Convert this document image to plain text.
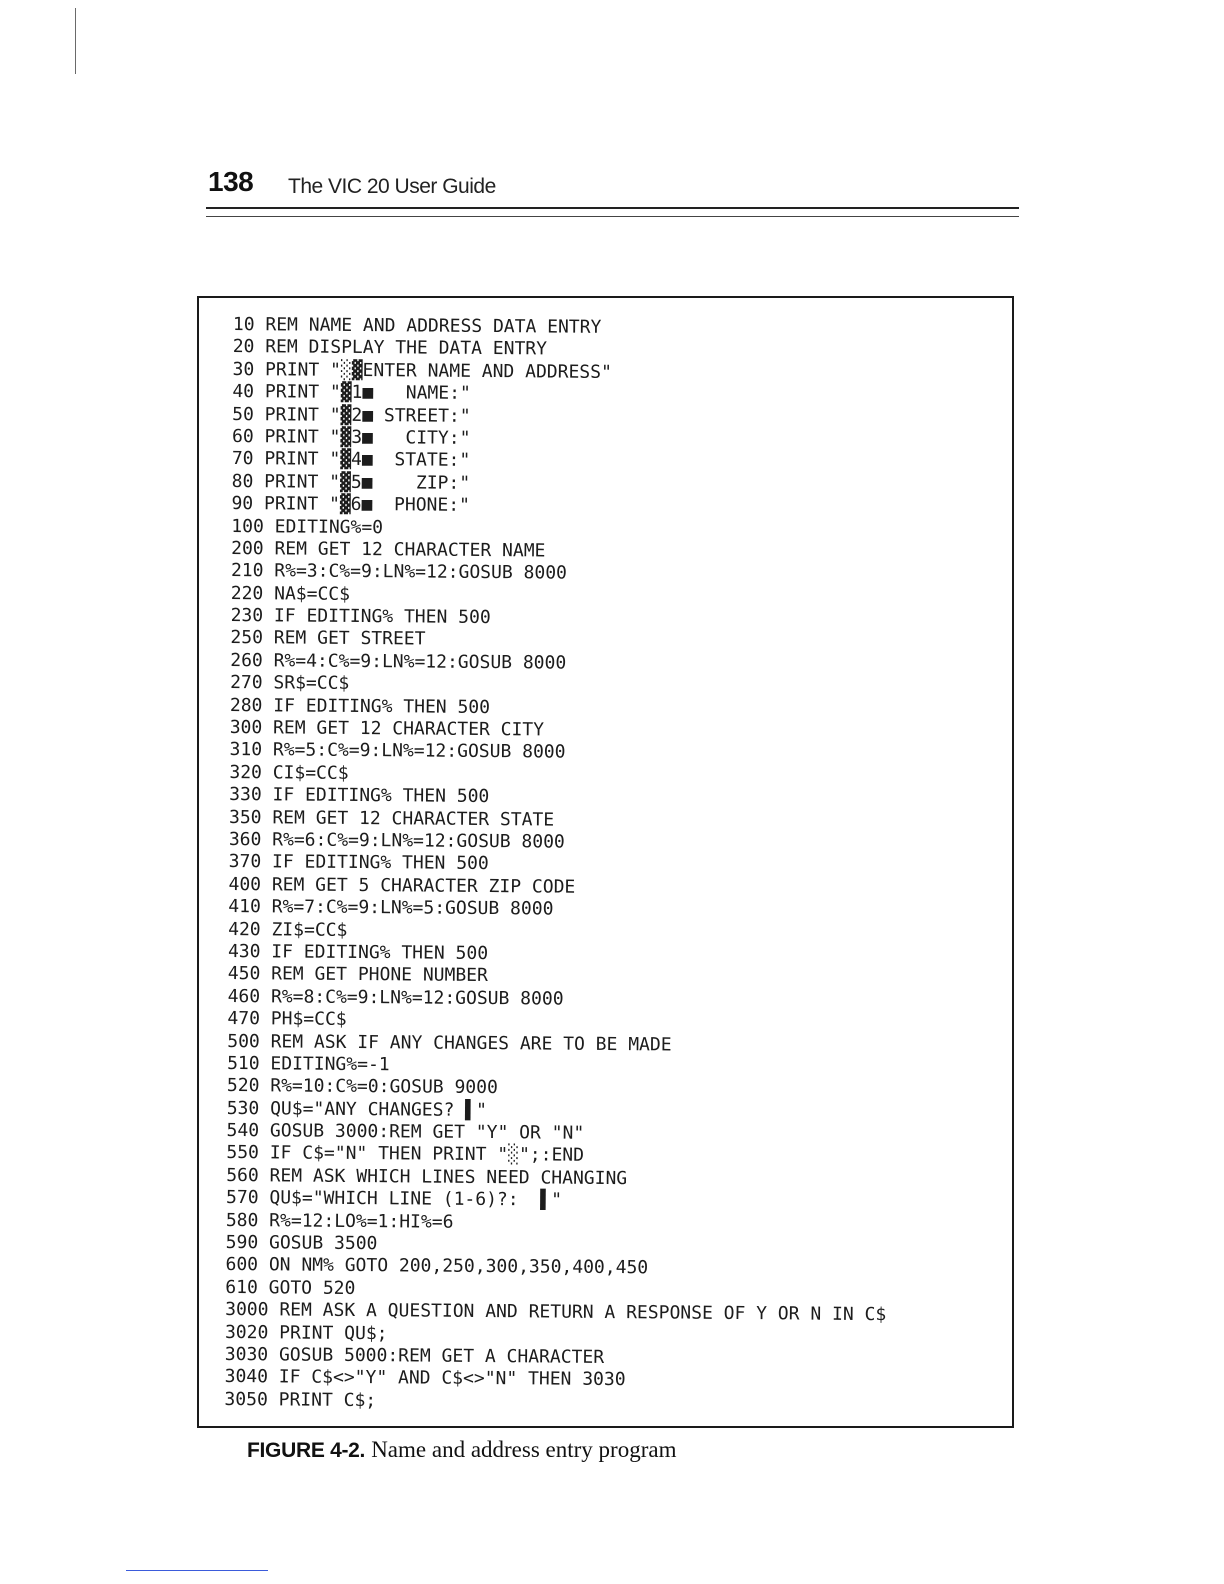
138 The VIC 20 User Guide
10 REM NAME AND ADDRESS DATA ENTRY
20 REM DISPLAY THE DATA ENTRY
30 PRINT "░▓ENTER NAME AND ADDRESS"
40 PRINT "▓1■   NAME:"
50 PRINT "▓2■ STREET:"
60 PRINT "▓3■   CITY:"
70 PRINT "▓4■  STATE:"
80 PRINT "▓5■    ZIP:"
90 PRINT "▓6■  PHONE:"
100 EDITING%=0
200 REM GET 12 CHARACTER NAME
210 R%=3:C%=9:LN%=12:GOSUB 8000
220 NA$=CC$
230 IF EDITING% THEN 500
250 REM GET STREET
260 R%=4:C%=9:LN%=12:GOSUB 8000
270 SR$=CC$
280 IF EDITING% THEN 500
300 REM GET 12 CHARACTER CITY
310 R%=5:C%=9:LN%=12:GOSUB 8000
320 CI$=CC$
330 IF EDITING% THEN 500
350 REM GET 12 CHARACTER STATE
360 R%=6:C%=9:LN%=12:GOSUB 8000
370 IF EDITING% THEN 500
400 REM GET 5 CHARACTER ZIP CODE
410 R%=7:C%=9:LN%=5:GOSUB 8000
420 ZI$=CC$
430 IF EDITING% THEN 500
450 REM GET PHONE NUMBER
460 R%=8:C%=9:LN%=12:GOSUB 8000
470 PH$=CC$
500 REM ASK IF ANY CHANGES ARE TO BE MADE
510 EDITING%=-1
520 R%=10:C%=0:GOSUB 9000
530 QU$="ANY CHANGES? ▌"
540 GOSUB 3000:REM GET "Y" OR "N"
550 IF C$="N" THEN PRINT "░";:END
560 REM ASK WHICH LINES NEED CHANGING
570 QU$="WHICH LINE (1-6)?:  ▌"
580 R%=12:LO%=1:HI%=6
590 GOSUB 3500
600 ON NM% GOTO 200,250,300,350,400,450
610 GOTO 520
3000 REM ASK A QUESTION AND RETURN A RESPONSE OF Y OR N IN C$
3020 PRINT QU$;
3030 GOSUB 5000:REM GET A CHARACTER
3040 IF C$<>"Y" AND C$<>"N" THEN 3030
3050 PRINT C$;
FIGURE 4-2. Name and address entry program
